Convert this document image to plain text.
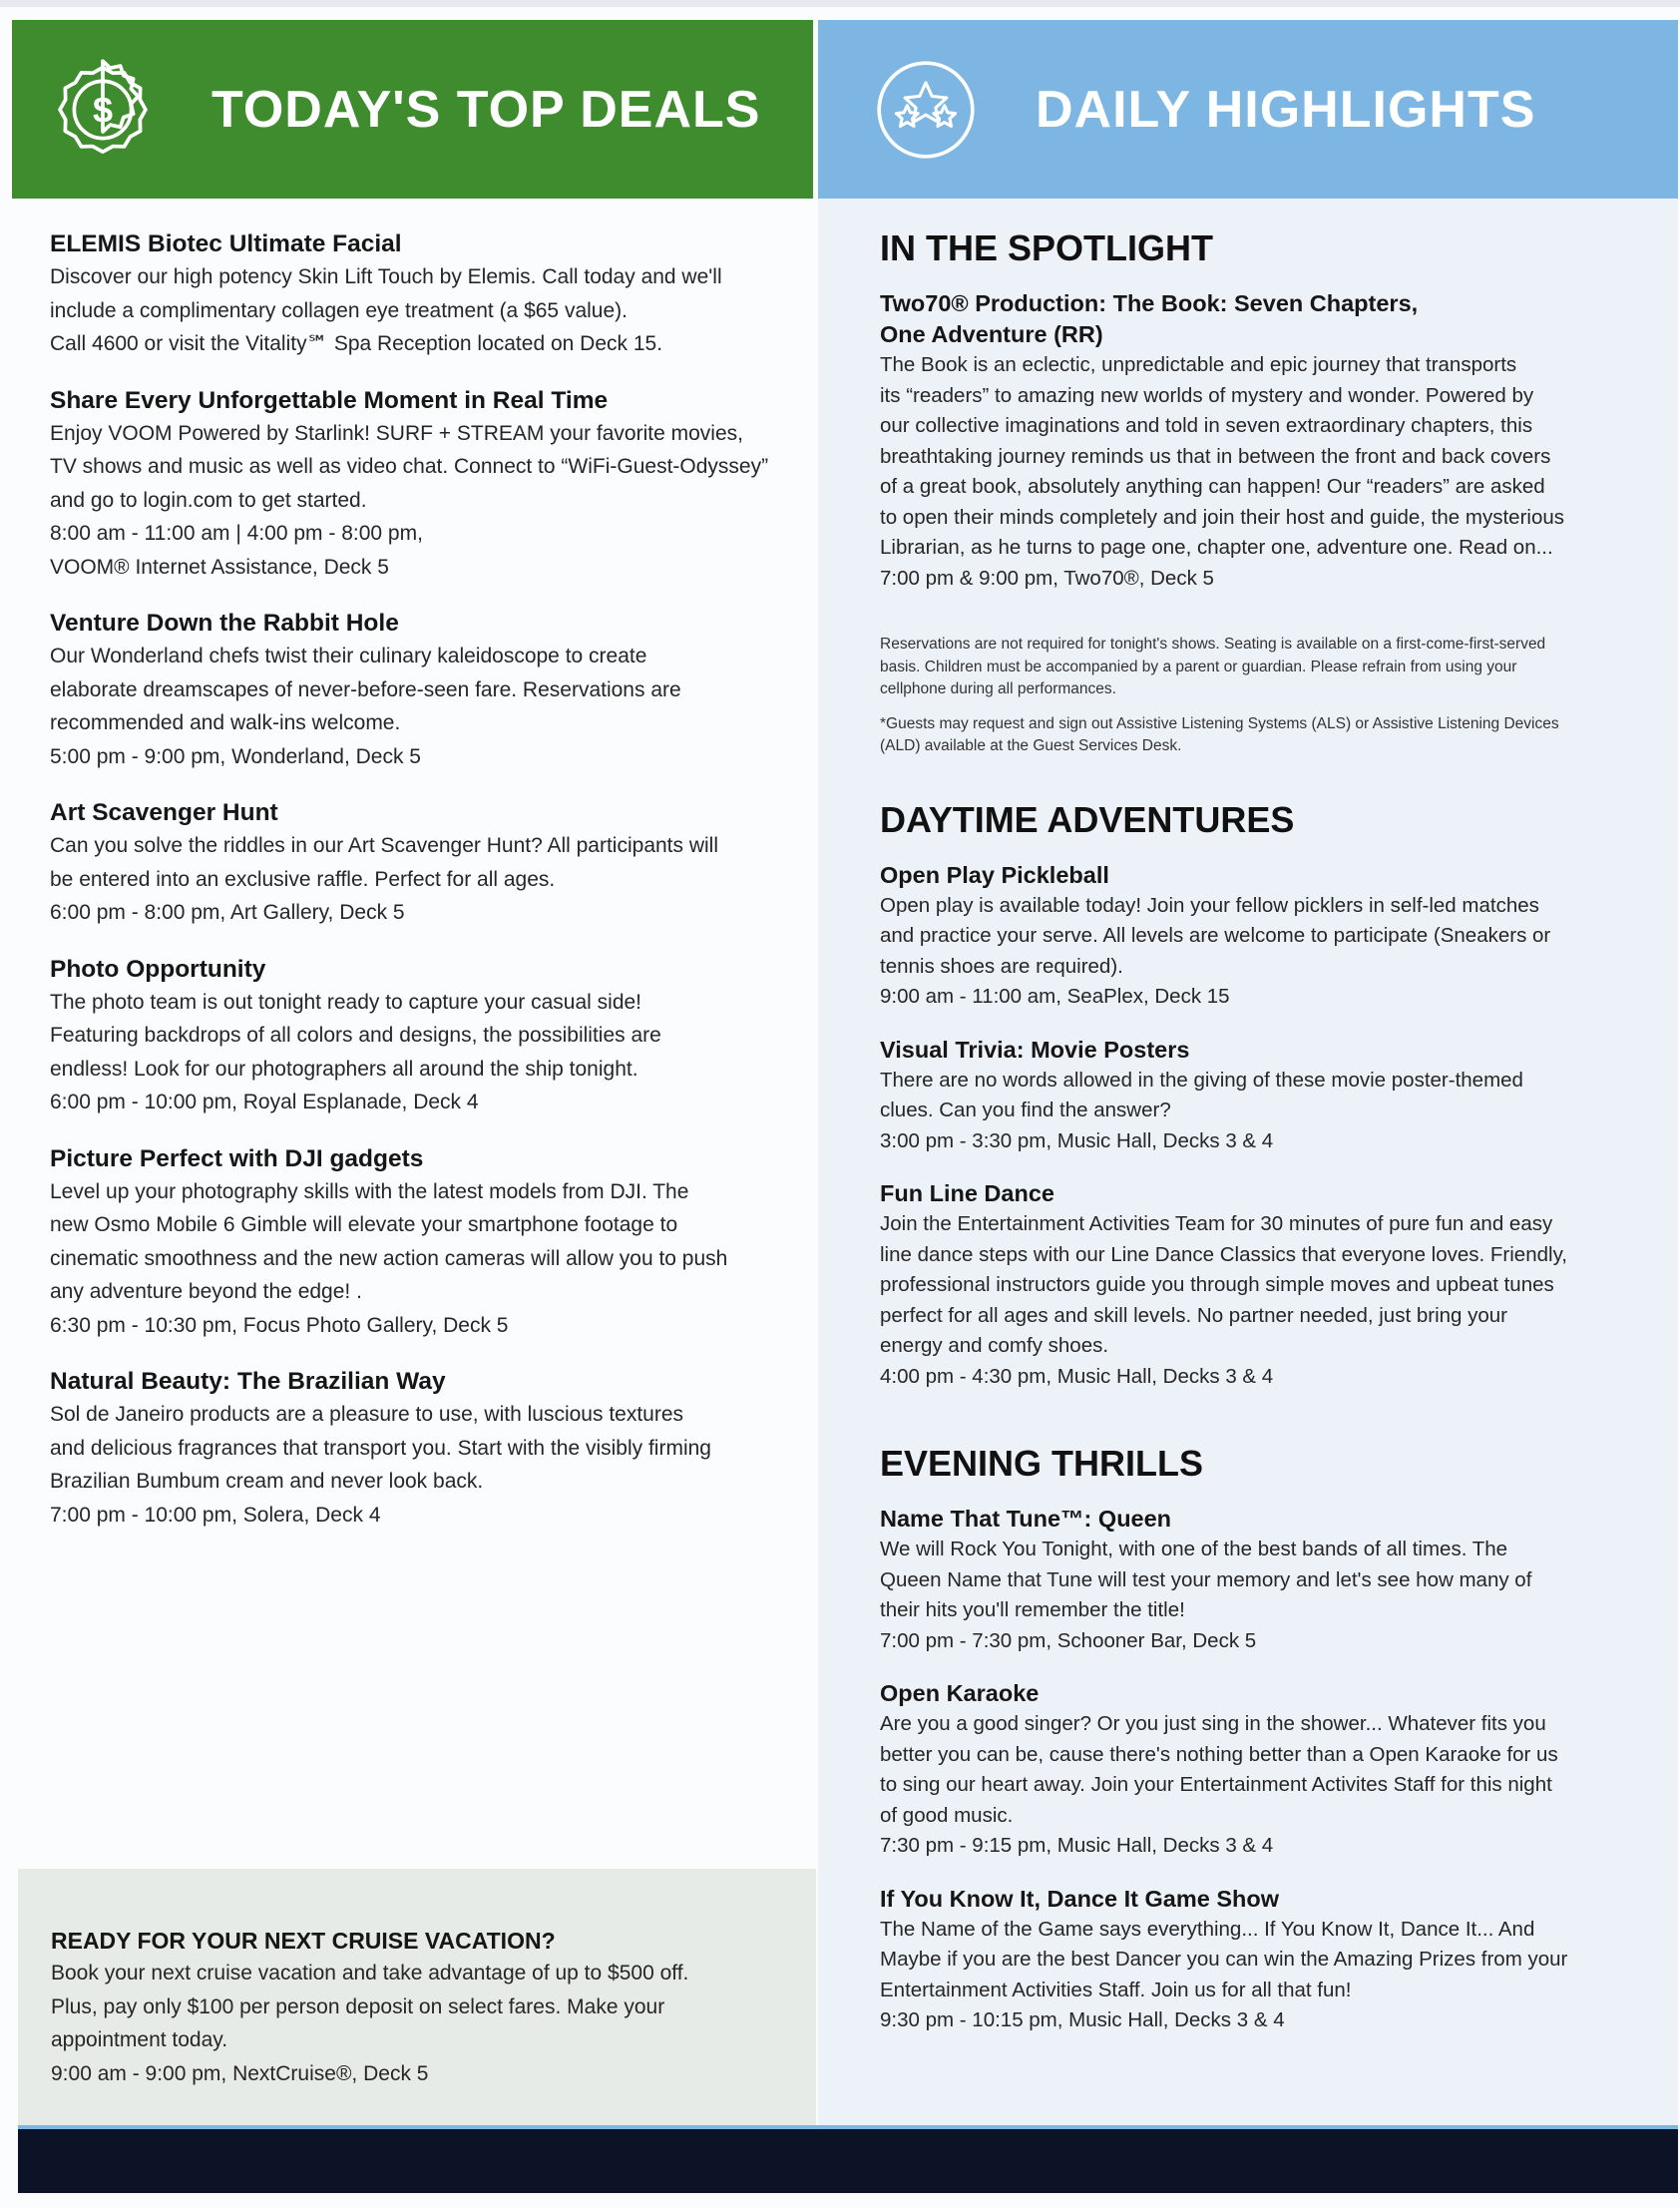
$ TODAY'S TOP DEALS
ELEMIS Biotec Ultimate Facial
Discover our high potency Skin Lift Touch by Elemis. Call today and we'll
include a complimentary collagen eye treatment (a $65 value).
Call 4600 or visit the Vitality℠ Spa Reception located on Deck 15.
Share Every Unforgettable Moment in Real Time
Enjoy VOOM Powered by Starlink! SURF + STREAM your favorite movies,
TV shows and music as well as video chat. Connect to “WiFi-Guest-Odyssey”
and go to login.com to get started.
8:00 am - 11:00 am | 4:00 pm - 8:00 pm,
VOOM® Internet Assistance, Deck 5
Venture Down the Rabbit Hole
Our Wonderland chefs twist their culinary kaleidoscope to create
elaborate dreamscapes of never-before-seen fare. Reservations are
recommended and walk-ins welcome.
5:00 pm - 9:00 pm, Wonderland, Deck 5
Art Scavenger Hunt
Can you solve the riddles in our Art Scavenger Hunt? All participants will
be entered into an exclusive raffle. Perfect for all ages.
6:00 pm - 8:00 pm, Art Gallery, Deck 5
Photo Opportunity
The photo team is out tonight ready to capture your casual side!
Featuring backdrops of all colors and designs, the possibilities are
endless! Look for our photographers all around the ship tonight.
6:00 pm - 10:00 pm, Royal Esplanade, Deck 4
Picture Perfect with DJI gadgets
Level up your photography skills with the latest models from DJI. The
new Osmo Mobile 6 Gimble will elevate your smartphone footage to
cinematic smoothness and the new action cameras will allow you to push
any adventure beyond the edge! .
6:30 pm - 10:30 pm, Focus Photo Gallery, Deck 5
Natural Beauty: The Brazilian Way
Sol de Janeiro products are a pleasure to use, with luscious textures
and delicious fragrances that transport you. Start with the visibly firming
Brazilian Bumbum cream and never look back.
7:00 pm - 10:00 pm, Solera, Deck 4
READY FOR YOUR NEXT CRUISE VACATION?
Book your next cruise vacation and take advantage of up to $500 off.
Plus, pay only $100 per person deposit on select fares. Make your
appointment today.
9:00 am - 9:00 pm, NextCruise®, Deck 5
DAILY HIGHLIGHTS
IN THE SPOTLIGHT
Two70® Production: The Book: Seven Chapters,
One Adventure (RR)
The Book is an eclectic, unpredictable and epic journey that transports
its “readers” to amazing new worlds of mystery and wonder. Powered by
our collective imaginations and told in seven extraordinary chapters, this
breathtaking journey reminds us that in between the front and back covers
of a great book, absolutely anything can happen! Our “readers” are asked
to open their minds completely and join their host and guide, the mysterious
Librarian, as he turns to page one, chapter one, adventure one. Read on...
7:00 pm & 9:00 pm, Two70®, Deck 5
Reservations are not required for tonight's shows. Seating is available on a first-come-first-served
basis. Children must be accompanied by a parent or guardian. Please refrain from using your
cellphone during all performances.
*Guests may request and sign out Assistive Listening Systems (ALS) or Assistive Listening Devices
(ALD) available at the Guest Services Desk.
DAYTIME ADVENTURES
Open Play Pickleball
Open play is available today! Join your fellow picklers in self-led matches
and practice your serve. All levels are welcome to participate (Sneakers or
tennis shoes are required).
9:00 am - 11:00 am, SeaPlex, Deck 15
Visual Trivia: Movie Posters
There are no words allowed in the giving of these movie poster-themed
clues. Can you find the answer?
3:00 pm - 3:30 pm, Music Hall, Decks 3 & 4
Fun Line Dance
Join the Entertainment Activities Team for 30 minutes of pure fun and easy
line dance steps with our Line Dance Classics that everyone loves. Friendly,
professional instructors guide you through simple moves and upbeat tunes
perfect for all ages and skill levels. No partner needed, just bring your
energy and comfy shoes.
4:00 pm - 4:30 pm, Music Hall, Decks 3 & 4
EVENING THRILLS
Name That Tune™: Queen
We will Rock You Tonight, with one of the best bands of all times. The
Queen Name that Tune will test your memory and let's see how many of
their hits you'll remember the title!
7:00 pm - 7:30 pm, Schooner Bar, Deck 5
Open Karaoke
Are you a good singer? Or you just sing in the shower... Whatever fits you
better you can be, cause there's nothing better than a Open Karaoke for us
to sing our heart away. Join your Entertainment Activites Staff for this night
of good music.
7:30 pm - 9:15 pm, Music Hall, Decks 3 & 4
If You Know It, Dance It Game Show
The Name of the Game says everything... If You Know It, Dance It... And
Maybe if you are the best Dancer you can win the Amazing Prizes from your
Entertainment Activities Staff. Join us for all that fun!
9:30 pm - 10:15 pm, Music Hall, Decks 3 & 4
